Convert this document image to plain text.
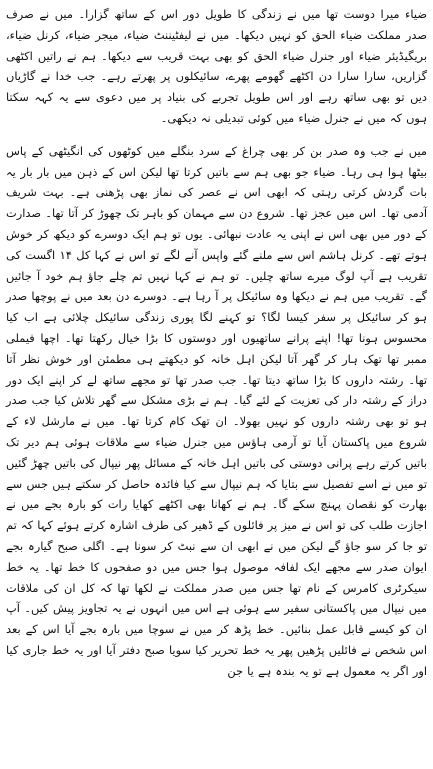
ضیاء میرا دوست تھا میں نے زندگی کا طویل دور اس کے ساتھ گزارا۔ میں نے صرف صدر مملکت ضیاء الحق کو نہیں دیکھا۔ میں نے لیفٹیننٹ ضیاء، میجر ضیاء، کرنل ضیاء، بریگیڈیئر ضیاء اور جنرل ضیاء الحق کو بھی بہت قریب سے دیکھا۔ ہم نے راتیں اکٹھی گزاریں، سارا سارا دن اکٹھے گھومے پھرے، سائیکلوں پر پھرتے رہے۔ جب خدا نے گاڑیاں دیں تو بھی ساتھ رہے اور اس طویل تجربے کی بنیاد پر میں دعوی سے یہ کہہ سکتا ہوں کہ میں نے جنرل ضیاء میں کوئی تبدیلی نہ دیکھی۔

میں نے جب وہ صدر بن کر بھی چراغ کے سرد بنگلے میں کوٹھوں کی انگیٹھی کے پاس بیٹھا ہوا ہی رہا۔ ضیاء جو بھی ہم سے باتیں کرتا تھا لیکن اس کے ذہن میں بار بار یہ بات گردش کرتی رہتی کہ ابھی اس نے عصر کی نماز بھی پڑھنی ہے۔ بہت شریف آدمی تھا۔ اس میں عجز تھا۔ شروع دن سے مہمان کو باہر تک چھوڑ کر آتا تھا۔ صدارت کے دور میں بھی اس نے اپنی یہ عادت نبھائی۔ یوں تو ہم ایک دوسرے کو دیکھ کر خوش ہوتے تھے۔ کرنل ہاشم اس سے ملنے گئے واپس آنے لگے تو اس نے کہا کل ۱۴ اگست کی تقریب ہے آپ لوگ میرے ساتھ چلیں۔ تو ہم نے کہا نہیں تم چلے جاؤ ہم خود آ جائیں گے۔ تقریب میں ہم نے دیکھا وہ سائیکل پر آ رہا ہے۔ دوسرے دن بعد میں نے پوچھا صدر ہو کر سائیکل پر سفر کیسا لگا؟ تو کہنے لگا پوری زندگی سائیکل چلائی ہے اب کیا محسوس ہونا تھا! اپنے پرانے ساتھیوں اور دوستوں کا بڑا خیال رکھتا تھا۔ اچھا فیملی ممبر تھا تھک ہار کر گھر آتا لیکن اہل خانہ کو دیکھتے ہی مطمئن اور خوش نظر آتا تھا۔ رشتہ داروں کا بڑا ساتھ دیتا تھا۔ جب صدر تھا تو مجھے ساتھ لے کر اپنے ایک دور دراز کے رشتہ دار کی تعزیت کے لئے گیا۔ ہم نے بڑی مشکل سے گھر تلاش کیا جب صدر ہو تو بھی رشتہ داروں کو نہیں بھولا۔ ان تھک کام کرتا تھا۔ میں نے مارشل لاء کے شروع میں پاکستان آیا تو آرمی ہاؤس میں جنرل ضیاء سے ملاقات ہوئی ہم دیر تک باتیں کرتے رہے پرانی دوستی کی باتیں اہل خانہ کے مسائل پھر نیپال کی باتیں چھڑ گئیں تو میں نے اسے تفصیل سے بتایا کہ ہم نیپال سے کیا فائدہ حاصل کر سکتے ہیں جس سے بھارت کو نقصان پہنچ سکے گا۔ ہم نے کھانا بھی اکٹھے کھایا رات کو بارہ بجے میں نے اجازت طلب کی تو اس نے میز پر فائلوں کے ڈھیر کی طرف اشارہ کرتے ہوئے کہا کہ تم تو جا کر سو جاؤ گے لیکن میں نے ابھی ان سے نبٹ کر سونا ہے۔ اگلی صبح گیارہ بجے ایوان صدر سے مجھے ایک لفافہ موصول ہوا جس میں دو صفحوں کا خط تھا۔ یہ خط سیکرٹری کامرس کے نام تھا جس میں صدر مملکت نے لکھا تھا کہ کل ان کی ملاقات میں نیپال میں پاکستانی سفیر سے ہوئی ہے اس میں انہوں نے یہ تجاویز پیش کیں۔ آپ ان کو کیسے قابل عمل بنائیں۔ خط پڑھ کر میں نے سوچا میں بارہ بجے آیا اس کے بعد اس شخص نے فائلیں پڑھیں پھر یہ خط تحریر کیا سویا صبح دفتر آیا اور یہ خط جاری کیا اور اگر یہ معمول ہے تو یہ بندہ ہے یا جن
